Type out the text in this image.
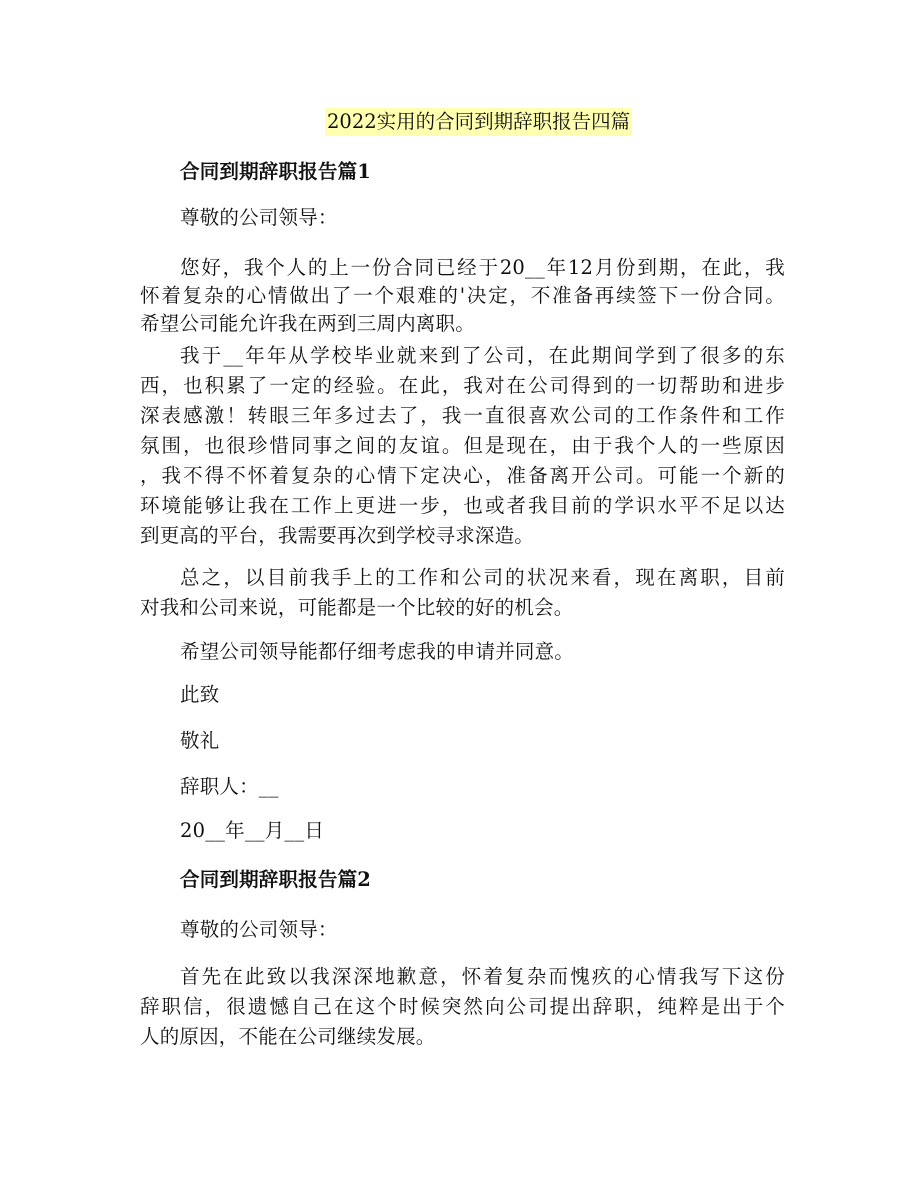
2022实用的合同到期辞职报告四篇
合同到期辞职报告篇1
尊敬的公司领导：
您好，我个人的上一份合同已经于20__年12月份到期，在此，我
怀着复杂的心情做出了一个艰难的'决定，不准备再续签下一份合同。
希望公司能允许我在两到三周内离职。
我于__年年从学校毕业就来到了公司，在此期间学到了很多的东
西，也积累了一定的经验。在此，我对在公司得到的一切帮助和进步
深表感激！转眼三年多过去了，我一直很喜欢公司的工作条件和工作
氛围，也很珍惜同事之间的友谊。但是现在，由于我个人的一些原因
，我不得不怀着复杂的心情下定决心，准备离开公司。可能一个新的
环境能够让我在工作上更进一步，也或者我目前的学识水平不足以达
到更高的平台，我需要再次到学校寻求深造。
总之，以目前我手上的工作和公司的状况来看，现在离职，目前
对我和公司来说，可能都是一个比较的好的机会。
希望公司领导能都仔细考虑我的申请并同意。
此致
敬礼
辞职人：__
20__年__月__日
合同到期辞职报告篇2
尊敬的公司领导：
首先在此致以我深深地歉意，怀着复杂而愧疚的心情我写下这份
辞职信，很遗憾自己在这个时候突然向公司提出辞职，纯粹是出于个
人的原因，不能在公司继续发展。
